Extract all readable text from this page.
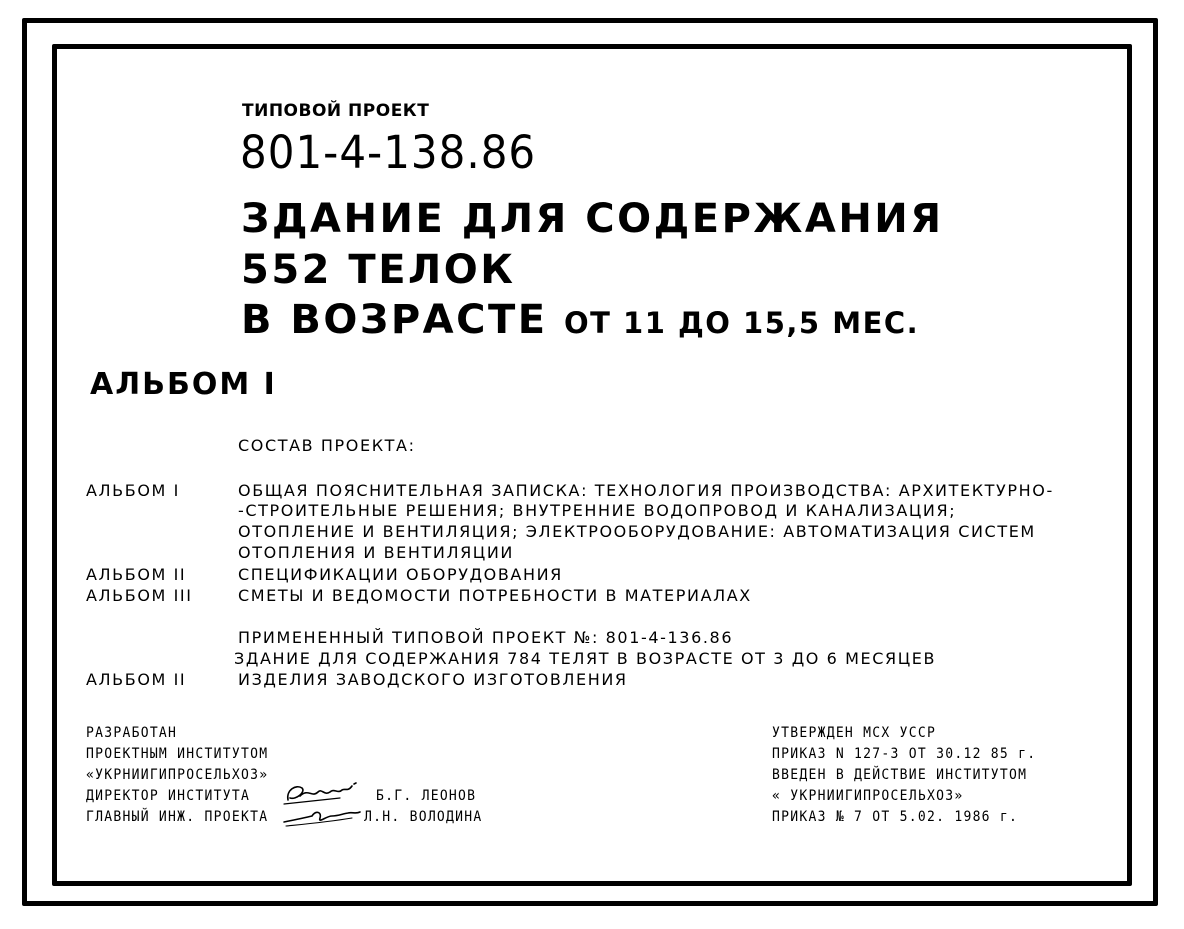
ТИПОВОЙ ПРОЕКТ
801-4-138.86
ЗДАНИЕ ДЛЯ СОДЕРЖАНИЯ
552 ТЕЛОК
В ВОЗРАСТЕ ОТ 11 ДО 15,5 МЕС.
АЛЬБОМ I
СОСТАВ ПРОЕКТА:
АЛЬБОМ I	ОБЩАЯ ПОЯСНИТЕЛЬНАЯ ЗАПИСКА: ТЕХНОЛОГИЯ ПРОИЗВОДСТВА: АРХИТЕКТУРНО-
-СТРОИТЕЛЬНЫЕ РЕШЕНИЯ; ВНУТРЕННИЕ ВОДОПРОВОД И КАНАЛИЗАЦИЯ;
ОТОПЛЕНИЕ И ВЕНТИЛЯЦИЯ; ЭЛЕКТРООБОРУДОВАНИЕ: АВТОМАТИЗАЦИЯ СИСТЕМ
ОТОПЛЕНИЯ И ВЕНТИЛЯЦИИ
АЛЬБОМ II	СПЕЦИФИКАЦИИ ОБОРУДОВАНИЯ
АЛЬБОМ III	СМЕТЫ И ВЕДОМОСТИ ПОТРЕБНОСТИ В МАТЕРИАЛАХ
ПРИМЕНЕННЫЙ ТИПОВОЙ ПРОЕКТ №: 801-4-136.86
ЗДАНИЕ ДЛЯ СОДЕРЖАНИЯ 784 ТЕЛЯТ В ВОЗРАСТЕ ОТ 3 ДО 6 МЕСЯЦЕВ
АЛЬБОМ II	ИЗДЕЛИЯ ЗАВОДСКОГО ИЗГОТОВЛЕНИЯ
РАЗРАБОТАН
ПРОЕКТНЫМ ИНСТИТУТОМ
«УКРНИИГИПРОСЕЛЬХОЗ»
ДИРЕКТОР ИНСТИТУТА	Б.Г. ЛЕОНОВ
ГЛАВНЫЙ ИНЖ. ПРОЕКТА	Л.Н. ВОЛОДИНА
УТВЕРЖДЕН МСХ УССР
ПРИКАЗ N 127-3 ОТ 30.12 85 г.
ВВЕДЕН В ДЕЙСТВИЕ ИНСТИТУТОМ
« УКРНИИГИПРОСЕЛЬХОЗ»
ПРИКАЗ № 7 ОТ 5.02. 1986 г.
